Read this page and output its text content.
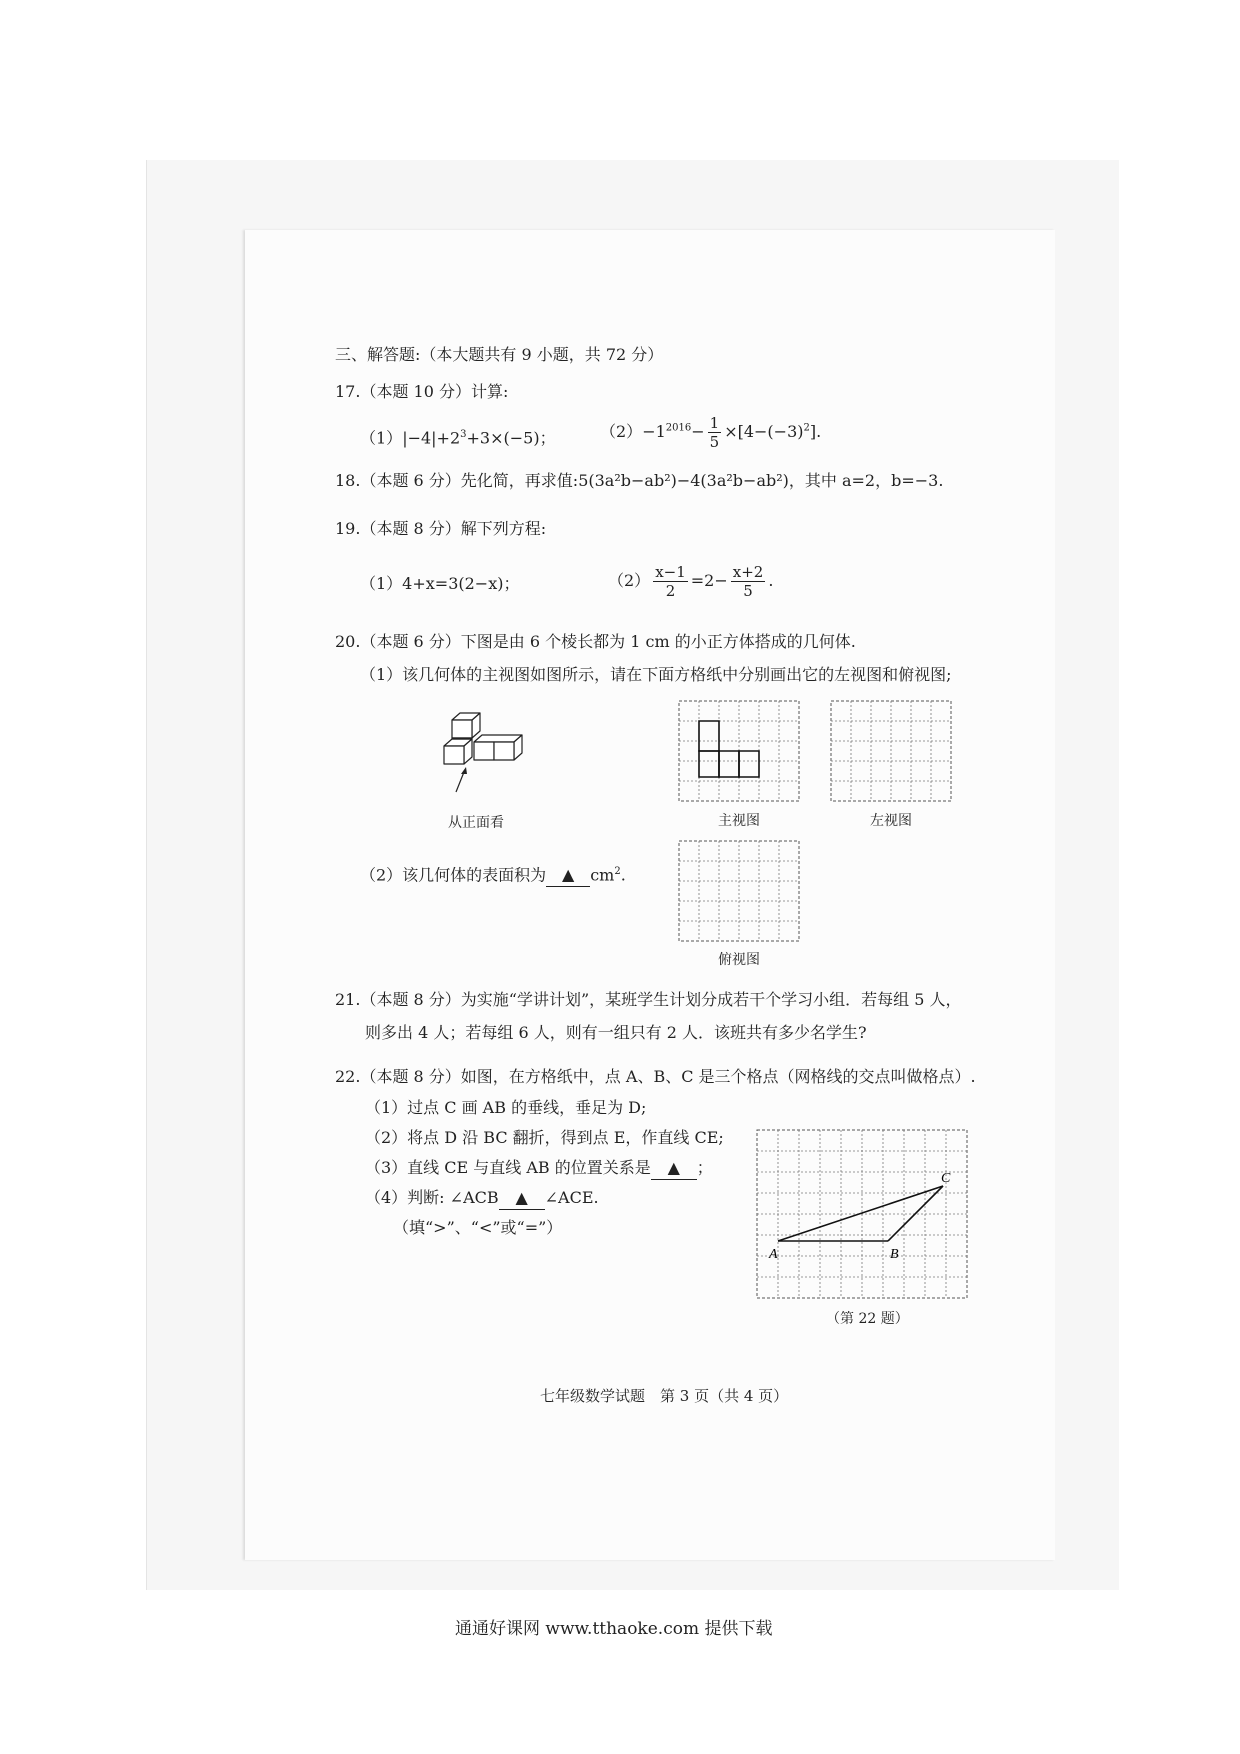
三、解答题:（本大题共有 9 小题，共 72 分）
17.（本题 10 分）计算:
$(1)|-4|+2^3+3\times(-5)$；	$(2)-1^{2016}- \frac{1}{5} \times[4-(-3)^2]$.
18.（本题 6 分）先化简，再求值:5(3a²b−ab²)−4(3a²b−ab²)，其中 a=2，b=−3.
19.（本题 8 分）解下列方程:
（1）4+x=3(2−x)；	$(2) \frac{x-1}{2} =2- \frac{x+2}{5}$ .
20.（本题 6 分）下图是由 6 个棱长都为 1 cm 的小正方体搭成的几何体.
（1）该几何体的主视图如图所示，请在下面方格纸中分别画出它的左视图和俯视图;
从正面看	主视图	左视图
（2）该几何体的表面积为 ▲ $cm^2$.
俯视图
21.（本题 8 分）为实施“学讲计划”，某班学生计划分成若干个学习小组．若每组 5 人，
则多出 4 人；若每组 6 人，则有一组只有 2 人．该班共有多少名学生?
22.（本题 8 分）如图，在方格纸中，点 A、B、C 是三个格点（网格线的交点叫做格点）.
（1）过点 C 画 AB 的垂线，垂足为 D;
（2）将点 D 沿 BC 翻折，得到点 E，作直线 CE;
（3）直线 CE 与直线 AB 的位置关系是 ▲ ；
（4）判断: ∠ACB ▲ ∠ACE.
（填“>”、“<”或“=”）
A	B
C
（第 22 题）
七年级数学试题　第 3 页（共 4 页）
通通好课网 www.tthaoke.com 提供下载
